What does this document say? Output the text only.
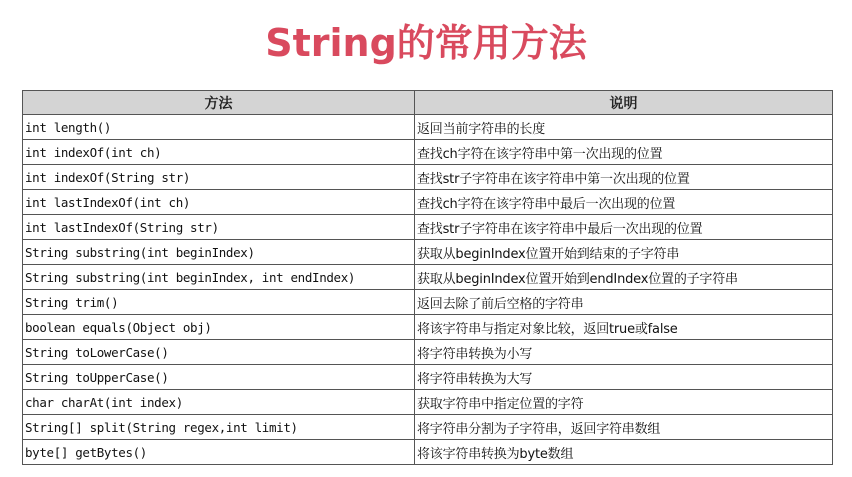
String的常用方法
方法	说明
int length()	返回当前字符串的长度
int indexOf(int ch)	查找ch字符在该字符串中第一次出现的位置
int indexOf(String str)	查找str子字符串在该字符串中第一次出现的位置
int lastIndexOf(int ch)	查找ch字符在该字符串中最后一次出现的位置
int lastIndexOf(String str)	查找str子字符串在该字符串中最后一次出现的位置
String substring(int beginIndex)	获取从beginIndex位置开始到结束的子字符串
String substring(int beginIndex, int endIndex)	获取从beginIndex位置开始到endIndex位置的子字符串
String trim()	返回去除了前后空格的字符串
boolean equals(Object obj)	将该字符串与指定对象比较，返回true或false
String toLowerCase()	将字符串转换为小写
String toUpperCase()	将字符串转换为大写
char charAt(int index)	获取字符串中指定位置的字符
String[] split(String regex,int limit)	将字符串分割为子字符串，返回字符串数组
byte[] getBytes()	将该字符串转换为byte数组
